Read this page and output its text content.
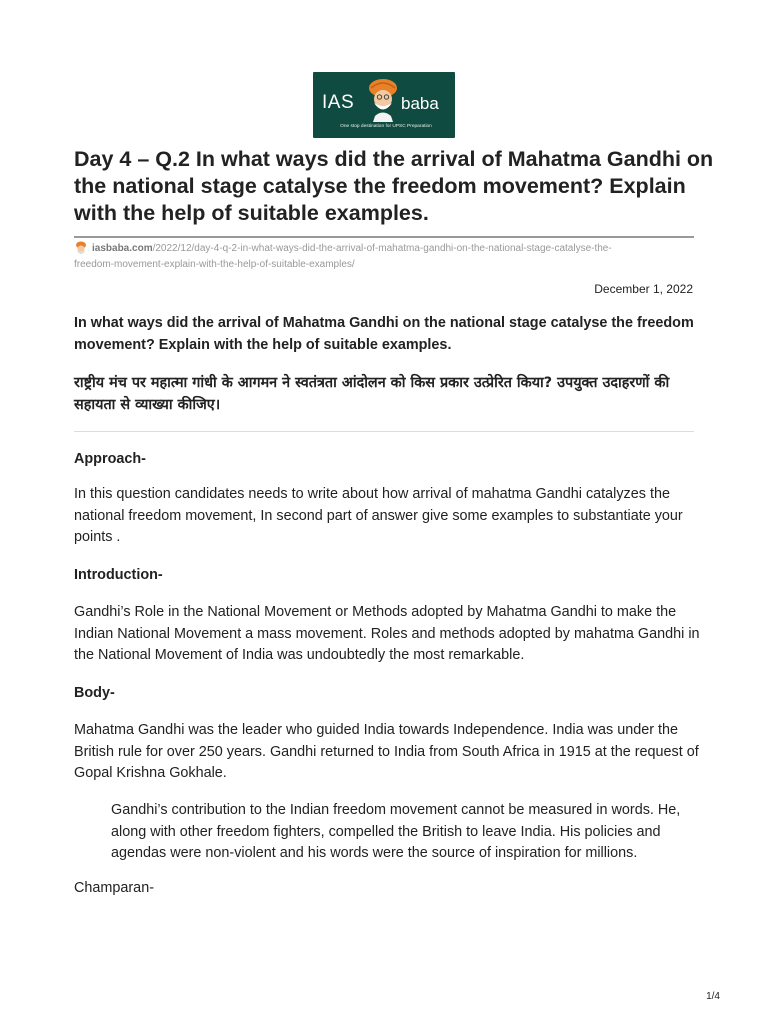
IAS	baba
One stop destination for UPSC Preparation
Day 4 – Q.2 In what ways did the arrival of Mahatma Gandhi on the national stage catalyse the freedom movement? Explain with the help of suitable examples.

iasbaba.com/2022/12/day-4-q-2-in-what-ways-did-the-arrival-of-mahatma-gandhi-on-the-national-stage-catalyse-the-

freedom-movement-explain-with-the-help-of-suitable-examples/

December 1, 2022

In what ways did the arrival of Mahatma Gandhi on the national stage catalyse the freedom movement? Explain with the help of suitable examples.

राष्ट्रीय मंच पर महात्मा गांधी के आगमन ने स्वतंत्रता आंदोलन को किस प्रकार उत्प्रेरित किया? उपयुक्त उदाहरणों की सहायता से व्याख्या कीजिए।

Approach-

In this question candidates needs to write about how arrival of mahatma Gandhi catalyzes the national freedom movement, In second part of answer give some examples to substantiate your points .

Introduction-

Gandhi’s Role in the National Movement or Methods adopted by Mahatma Gandhi to make the Indian National Movement a mass movement. Roles and methods adopted by mahatma Gandhi in the National Movement of India was undoubtedly the most remarkable.

Body-

Mahatma Gandhi was the leader who guided India towards Independence. India was under the British rule for over 250 years. Gandhi returned to India from South Africa in 1915 at the request of Gopal Krishna Gokhale.

Gandhi’s contribution to the Indian freedom movement cannot be measured in words. He, along with other freedom fighters, compelled the British to leave India. His policies and agendas were non-violent and his words were the source of inspiration for millions.

Champaran-

1/4
